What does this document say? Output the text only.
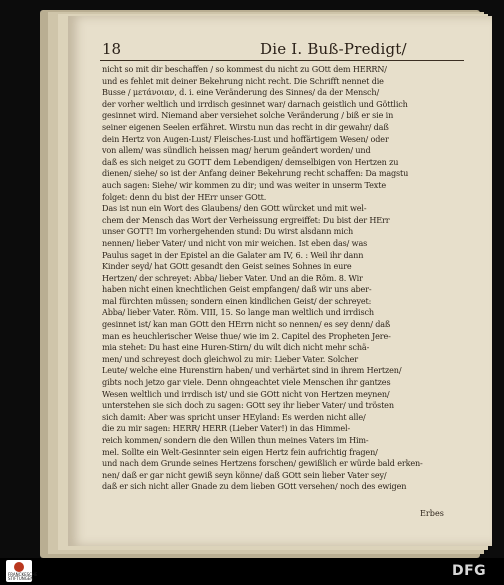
18	Die I. Buß-Predigt/
nicht so mit dir beschaffen / so kommest du nicht zu GOtt dem HERRN/
und es fehlet mit deiner Bekehrung nicht recht. Die Schrifft nennet die
Busse / μετάνοιαν, d. i. eine Veränderung des Sinnes/ da der Mensch/
der vorher weltlich und irrdisch gesinnet war/ darnach geistlich und Göttlich
gesinnet wird. Niemand aber versiehet solche Veränderung / biß er sie in
seiner eigenen Seelen erfähret. Wirstu nun das recht in dir gewahr/ daß
dein Hertz von Augen-Lust/ Fleisches-Lust und hoffärtigem Wesen/ oder
von allem/ was sündlich heissen mag/ herum geändert worden/ und
daß es sich neiget zu GOTT dem Lebendigen/ demselbigen von Hertzen zu
dienen/ siehe/ so ist der Anfang deiner Bekehrung recht schaffen: Da magstu
auch sagen: Siehe/ wir kommen zu dir; und was weiter in unserm Texte
folget: denn du bist der HErr unser GOtt.
Das ist nun ein Wort des Glaubens/ den GOtt würcket und mit wel-
chem der Mensch das Wort der Verheissung ergreiffet: Du bist der HErr
unser GOTT! Im vorhergehenden stund: Du wirst alsdann mich
nennen/ lieber Vater/ und nicht von mir weichen. Ist eben das/ was
Paulus saget in der Epistel an die Galater am IV, 6. : Weil ihr dann
Kinder seyd/ hat GOtt gesandt den Geist seines Sohnes in eure
Hertzen/ der schreyet: Abba/ lieber Vater. Und an die Röm. 8. Wir
haben nicht einen knechtlichen Geist empfangen/ daß wir uns aber-
mal fürchten müssen; sondern einen kindlichen Geist/ der schreyet:
Abba/ lieber Vater. Röm. VIII, 15. So lange man weltlich und irrdisch
gesinnet ist/ kan man GOtt den HErrn nicht so nennen/ es sey denn/ daß
man es heuchlerischer Weise thue/ wie im 2. Capitel des Propheten Jere-
mia stehet: Du hast eine Huren-Stirn/ du wilt dich nicht mehr schä-
men/ und schreyest doch gleichwol zu mir: Lieber Vater. Solcher
Leute/ welche eine Hurenstirn haben/ und verhärtet sind in ihrem Hertzen/
gibts noch jetzo gar viele. Denn ohngeachtet viele Menschen ihr gantzes
Wesen weltlich und irrdisch ist/ und sie GOtt nicht von Hertzen meynen/
unterstehen sie sich doch zu sagen: GOtt sey ihr lieber Vater/ und trösten
sich damit: Aber was spricht unser HEyland: Es werden nicht alle/
die zu mir sagen: HERR/ HERR (Lieber Vater!) in das Himmel-
reich kommen/ sondern die den Willen thun meines Vaters im Him-
mel. Sollte ein Welt-Gesinnter sein eigen Hertz fein aufrichtig fragen/
und nach dem Grunde seines Hertzens forschen/ gewißlich er würde bald erken-
nen/ daß er gar nicht gewiß seyn könne/ daß GOtt sein lieber Vater sey/
daß er sich nicht aller Gnade zu dem lieben GOtt versehen/ noch des ewigen
Erbes
FRANCKESCHE STIFTUNGEN	DFG
